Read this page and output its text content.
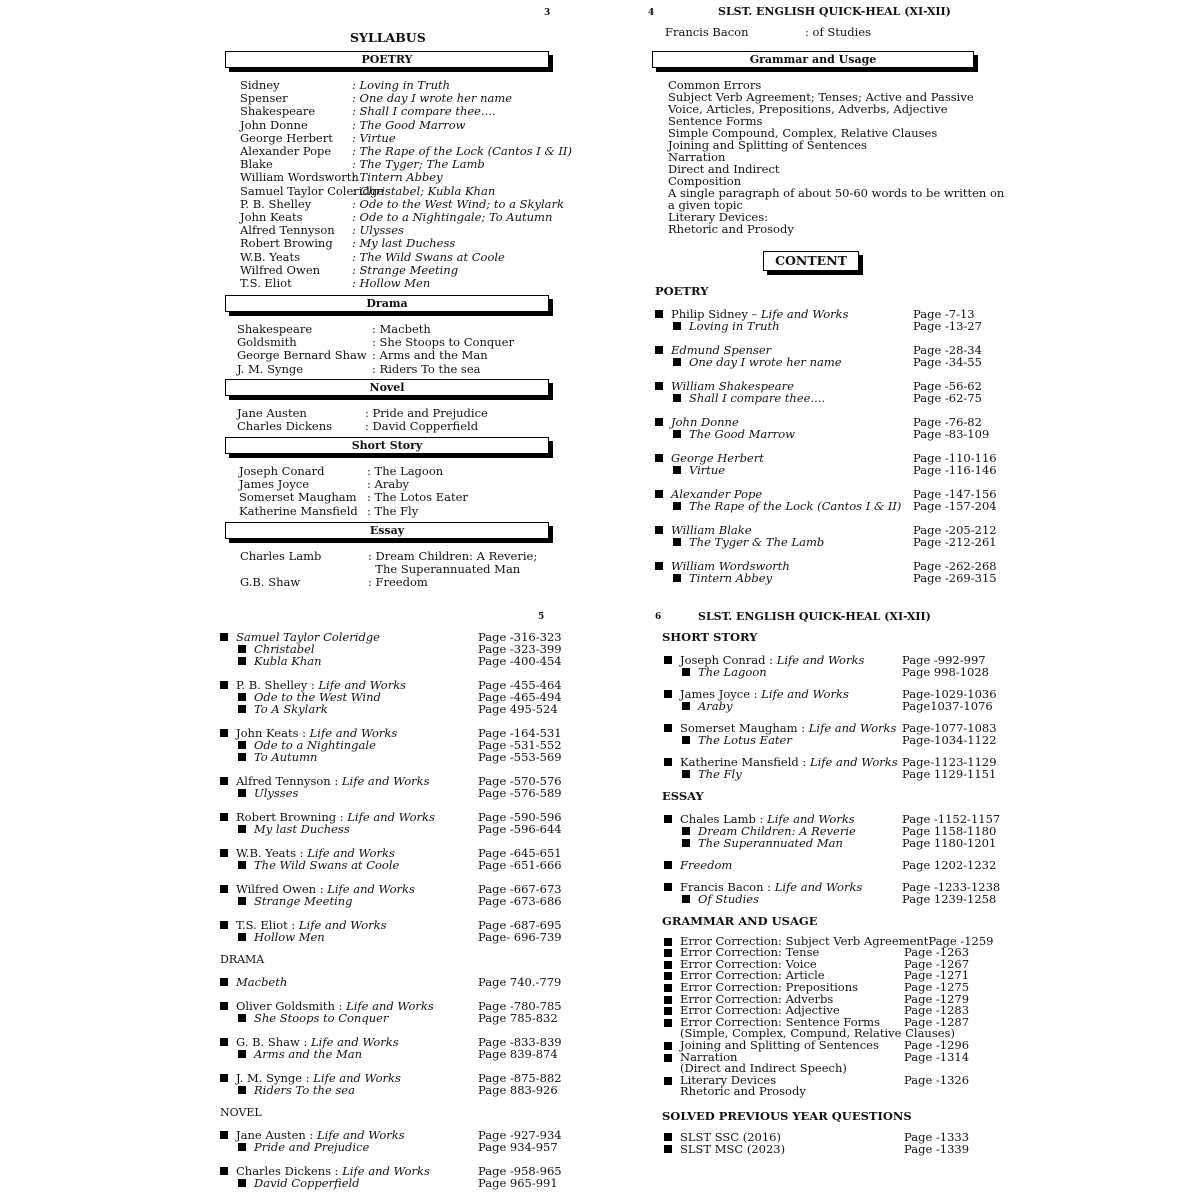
3
SYLLABUS
POETRY
Sidney	: Loving in Truth
Spenser	: One day I wrote her name
Shakespeare	: Shall I compare thee....
John Donne	: The Good Marrow
George Herbert	: Virtue
Alexander Pope	: The Rape of the Lock (Cantos I & II)
Blake	: The Tyger; The Lamb
William Wordsworth
: Tintern Abbey
Samuel Taylor Coleridge
: Christabel; Kubla Khan
P. B. Shelley	: Ode to the West Wind; to a Skylark
John Keats	: Ode to a Nightingale; To Autumn
Alfred Tennyson	: Ulysses
Robert Browing	: My last Duchess
W.B. Yeats	: The Wild Swans at Coole
Wilfred Owen	: Strange Meeting
T.S. Eliot	: Hollow Men
Drama
Shakespeare	: Macbeth
Goldsmith	: She Stoops to Conquer
George Bernard Shaw : Arms and the Man
J. M. Synge	: Riders To the sea
Novel
Jane Austen	: Pride and Prejudice
Charles Dickens	: David Copperfield
Short Story
Joseph Conard	: The Lagoon
James Joyce	: Araby
Somerset Maugham : The Lotos Eater
Katherine Mansfield : The Fly
Essay
Charles Lamb	: Dream Children: A Reverie;
The Superannuated Man
G.B. Shaw	: Freedom
4	SLST. ENGLISH QUICK-HEAL (XI-XII)
Francis Bacon	: of Studies
Grammar and Usage
Common Errors
Subject Verb Agreement; Tenses; Active and Passive
Voice, Articles, Prepositions, Adverbs, Adjective
Sentence Forms
Simple Compound, Complex, Relative Clauses
Joining and Splitting of Sentences
Narration
Direct and Indirect
Composition
A single paragraph of about 50-60 words to be written on
a given topic
Literary Devices:
Rhetoric and Prosody
CONTENT
POETRY
Philip Sidney – Life and Works	Page -7-13
Loving in Truth	Page -13-27
Edmund Spenser	Page -28-34
One day I wrote her name	Page -34-55
William Shakespeare	Page -56-62
Shall I compare thee....	Page -62-75
John Donne	Page -76-82
The Good Marrow	Page -83-109
George Herbert	Page -110-116
Virtue	Page -116-146
Alexander Pope	Page -147-156
The Rape of the Lock (Cantos I & II)	Page -157-204
William Blake	Page -205-212
The Tyger & The Lamb	Page -212-261
William Wordsworth	Page -262-268
Tintern Abbey	Page -269-315
5
Samuel Taylor Coleridge	Page -316-323
Christabel	Page -323-399
Kubla Khan	Page -400-454
P. B. Shelley : Life and Works	Page -455-464
Ode to the West Wind	Page -465-494
To A Skylark	Page 495-524
John Keats : Life and Works	Page -164-531
Ode to a Nightingale	Page -531-552
To Autumn	Page -553-569
Alfred Tennyson : Life and Works	Page -570-576
Ulysses	Page -576-589
Robert Browning : Life and Works	Page -590-596
My last Duchess	Page -596-644
W.B. Yeats : Life and Works	Page -645-651
The Wild Swans at Coole	Page -651-666
Wilfred Owen : Life and Works	Page -667-673
Strange Meeting	Page -673-686
T.S. Eliot : Life and Works	Page -687-695
Hollow Men	Page- 696-739
DRAMA
Macbeth	Page 740.-779
Oliver Goldsmith : Life and Works	Page -780-785
She Stoops to Conquer	Page 785-832
G. B. Shaw : Life and Works	Page -833-839
Arms and the Man	Page 839-874
J. M. Synge : Life and Works	Page -875-882
Riders To the sea	Page 883-926
NOVEL
Jane Austen : Life and Works	Page -927-934
Pride and Prejudice	Page 934-957
Charles Dickens : Life and Works	Page -958-965
David Copperfield	Page 965-991
6	SLST. ENGLISH QUICK-HEAL (XI-XII)
SHORT STORY
Joseph Conrad : Life and Works	Page -992-997
The Lagoon	Page 998-1028
James Joyce : Life and Works	Page-1029-1036
Araby	Page1037-1076
Somerset Maugham : Life and Works Page-1077-1083
The Lotus Eater	Page-1034-1122
Katherine Mansfield : Life and Works Page-1123-1129
The Fly	Page 1129-1151
ESSAY
Chales Lamb : Life and Works	Page -1152-1157
Dream Children: A Reverie	Page 1158-1180
The Superannuated Man	Page 1180-1201
Freedom	Page 1202-1232
Francis Bacon : Life and Works	Page -1233-1238
Of Studies	Page 1239-1258
GRAMMAR AND USAGE
Error Correction: Subject Verb Agreement Page -1259
Error Correction: Tense	Page -1263
Error Correction: Voice	Page -1267
Error Correction: Article	Page -1271
Error Correction: Prepositions	Page -1275
Error Correction: Adverbs	Page -1279
Error Correction: Adjective	Page -1283
Error Correction: Sentence Forms	Page -1287
(Simple, Complex, Compund, Relative Clauses)
Joining and Splitting of Sentences	Page -1296
Narration	Page -1314
(Direct and Indirect Speech)
Literary Devices	Page -1326
Rhetoric and Prosody
SOLVED PREVIOUS YEAR QUESTIONS
SLST SSC (2016)	Page -1333
SLST MSC (2023)	Page -1339
